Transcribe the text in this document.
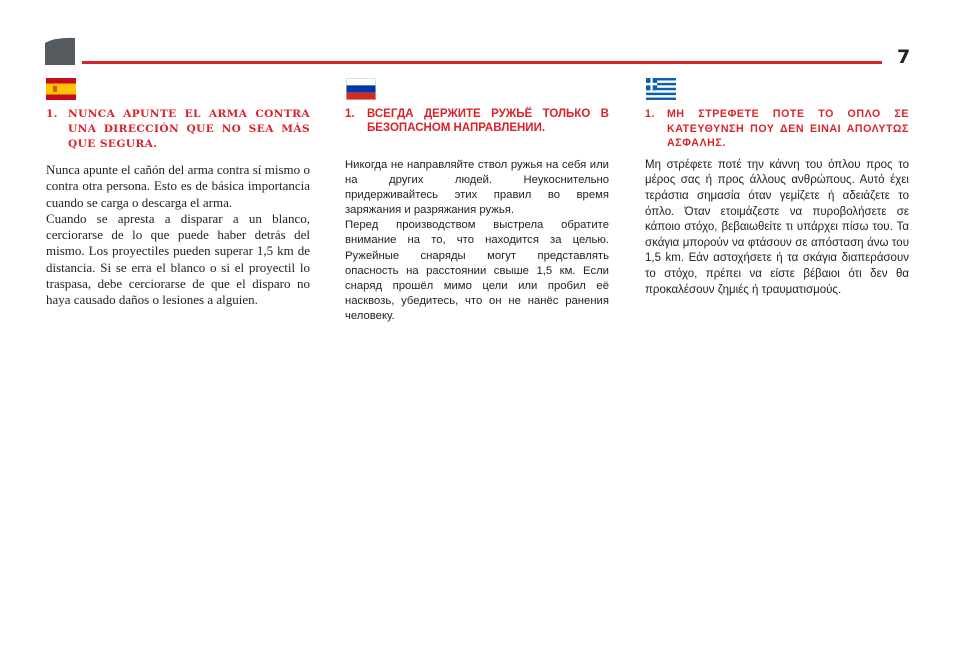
7
1. NUNCA APUNTE EL ARMA CONTRA UNA DIRECCIÓN QUE NO SEA MÁS QUE SEGURA.

Nunca apunte el cañón del arma contra sí mismo o contra otra persona. Esto es de básica importancia cuando se carga o descarga el arma.

Cuando se apresta a disparar a un blanco, cerciorarse de lo que puede haber detrás del mismo. Los proyectiles pueden superar 1,5 km de distancia. Si se erra el blanco o si el proyectil lo traspasa, debe cerciorarse de que el disparo no haya causado daños o lesiones a alguien.

1.	ВСЕГДА ДЕРЖИТЕ РУЖЬЁ ТОЛЬКО В БЕЗОПАСНОМ НАПРАВЛЕНИИ.

Никогда не направляйте ствол ружья на себя или на других людей. Неукоснительно придерживайтесь этих правил во время заряжания и разряжания ружья.

Перед производством выстрела обратите внимание на то, что находится за целью. Ружейные снаряды могут представлять опасность на расстоянии свыше 1,5 км. Если снаряд прошёл мимо цели или пробил её насквозь, убедитесь, что он не нанёс ранения человеку.

1.	ΜΗ ΣΤΡΕΦΕΤΕ ΠΟΤΕ ΤΟ ΟΠΛΟ ΣΕ ΚΑΤΕΥΘΥΝΣΗ ΠΟΥ ΔΕΝ ΕΙΝΑΙ ΑΠΟΛΥΤΩΣ ΑΣΦΑΛΗΣ.

Μη στρέφετε ποτέ την κάννη του όπλου προς το μέρος σας ή προς άλλους ανθρώπους. Αυτό έχει τεράστια σημασία όταν γεμίζετε ή αδειάζετε το όπλο. Όταν ετοιμάζεστε να πυροβολήσετε σε κάποιο στόχο, βεβαιωθείτε τι υπάρχει πίσω του. Τα σκάγια μπορούν να φτάσουν σε απόσταση άνω του 1,5 km. Εάν αστοχήσετε ή τα σκάγια διαπεράσουν το στόχο, πρέπει να είστε βέβαιοι ότι δεν θα προκαλέσουν ζημιές ή τραυματισμούς.
